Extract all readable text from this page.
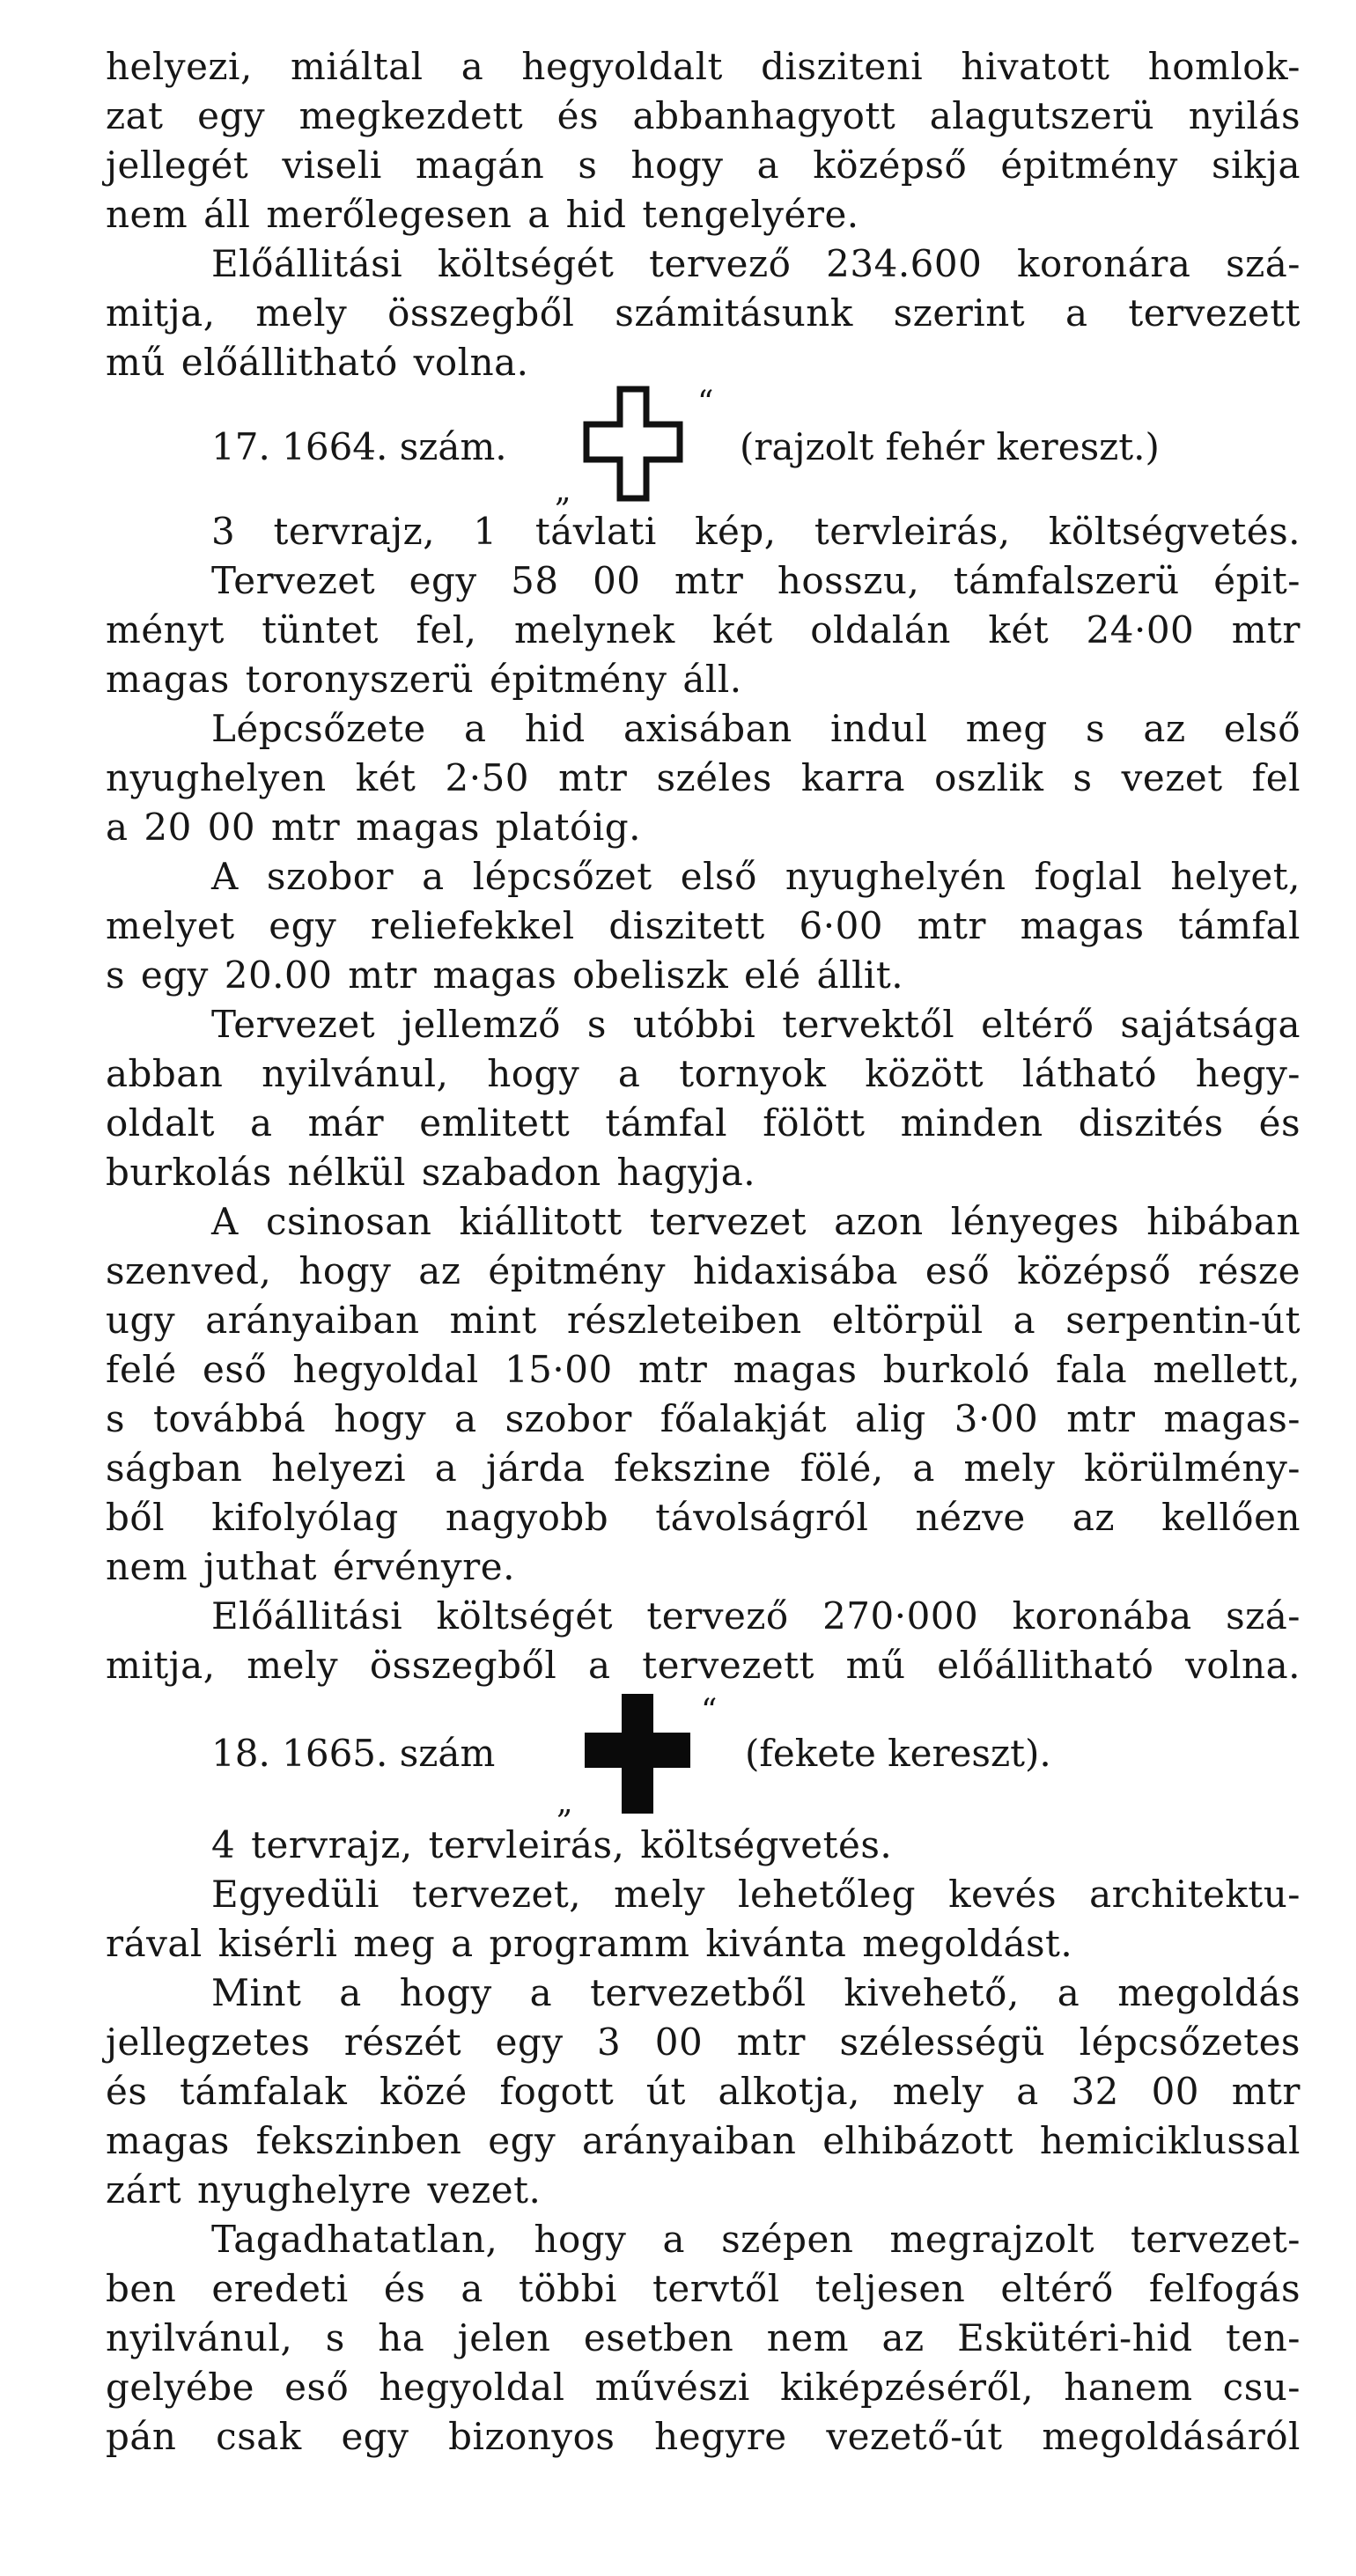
helyezi, miáltal a hegyoldalt disziteni hivatott homlok-
zat egy megkezdett és abbanhagyott alagutszerü nyilás
jellegét viseli magán s hogy a középső épitmény sikja
nem áll merőlegesen a hid tengelyére.
Előállitási költségét tervező 234.600 koronára szá-
mitja, mely összegből számitásunk szerint a tervezett
mű előállitható volna.
17. 1664. szám.
„
“
(rajzolt fehér kereszt.)
3 tervrajz, 1 távlati kép, tervleirás, költségvetés.
Tervezet egy 58 00 mtr hosszu, támfalszerü épit-
ményt tüntet fel, melynek két oldalán két 24·00 mtr
magas toronyszerü épitmény áll.
Lépcsőzete a hid axisában indul meg s az első
nyughelyen két 2·50 mtr széles karra oszlik s vezet fel
a 20 00 mtr magas platóig.
A szobor a lépcsőzet első nyughelyén foglal helyet,
melyet egy reliefekkel diszitett 6·00 mtr magas támfal
s egy 20.00 mtr magas obeliszk elé állit.
Tervezet jellemző s utóbbi tervektől eltérő sajátsága
abban nyilvánul, hogy a tornyok között látható hegy-
oldalt a már emlitett támfal fölött minden diszités és
burkolás nélkül szabadon hagyja.
A csinosan kiállitott tervezet azon lényeges hibában
szenved, hogy az épitmény hidaxisába eső középső része
ugy arányaiban mint részleteiben eltörpül a serpentin-út
felé eső hegyoldal 15·00 mtr magas burkoló fala mellett,
s továbbá hogy a szobor főalakját alig 3·00 mtr magas-
ságban helyezi a járda fekszine fölé, a mely körülmény-
ből kifolyólag nagyobb távolságról nézve az kellően
nem juthat érvényre.
Előállitási költségét tervező 270·000 koronába szá-
mitja, mely összegből a tervezett mű előállitható volna.
18. 1665. szám
„
“
(fekete kereszt).
4 tervrajz, tervleirás, költségvetés.
Egyedüli tervezet, mely lehetőleg kevés architektu-
rával kisérli meg a programm kivánta megoldást.
Mint a hogy a tervezetből kivehető, a megoldás
jellegzetes részét egy 3 00 mtr szélességü lépcsőzetes
és támfalak közé fogott út alkotja, mely a 32 00 mtr
magas fekszinben egy arányaiban elhibázott hemiciklussal
zárt nyughelyre vezet.
Tagadhatatlan, hogy a szépen megrajzolt tervezet-
ben eredeti és a többi tervtől teljesen eltérő felfogás
nyilvánul, s ha jelen esetben nem az Eskütéri-hid ten-
gelyébe eső hegyoldal művészi kiképzéséről, hanem csu-
pán csak egy bizonyos hegyre vezető-út megoldásáról
